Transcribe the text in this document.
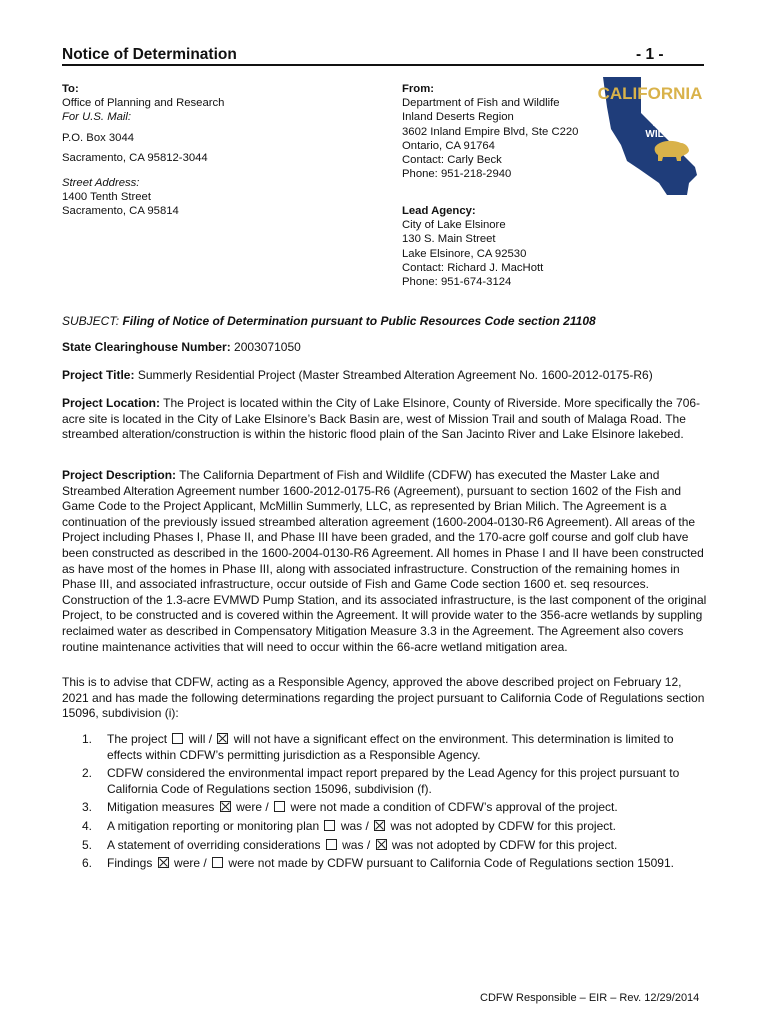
Notice of Determination	- 1 -
To:
Office of Planning and Research
For U.S. Mail:
P.O. Box 3044
Sacramento, CA 95812-3044
Street Address:
1400 Tenth Street
Sacramento, CA 95814
From:
Department of Fish and Wildlife
Inland Deserts Region
3602 Inland Empire Blvd, Ste C220
Ontario, CA 91764
Contact: Carly Beck
Phone: 951-218-2940
CALIFORNIA
DEPARTMENT OF
FISH &
WILDLIFE
Lead Agency:
City of Lake Elsinore
130 S. Main Street
Lake Elsinore, CA 92530
Contact: Richard J. MacHott
Phone: 951-674-3124
SUBJECT: Filing of Notice of Determination pursuant to Public Resources Code section 21108
State Clearinghouse Number: 2003071050
Project Title: Summerly Residential Project (Master Streambed Alteration Agreement No. 1600-2012-0175-R6)
Project Location: The Project is located within the City of Lake Elsinore, County of Riverside. More specifically the 706-acre site is located in the City of Lake Elsinore’s Back Basin are, west of Mission Trail and south of Malaga Road. The streambed alteration/construction is within the historic flood plain of the San Jacinto River and Lake Elsinore lakebed.
Project Description: The California Department of Fish and Wildlife (CDFW) has executed the Master Lake and Streambed Alteration Agreement number 1600-2012-0175-R6 (Agreement), pursuant to section 1602 of the Fish and Game Code to the Project Applicant, McMillin Summerly, LLC, as represented by Brian Milich. The Agreement is a continuation of the previously issued streambed alteration agreement (1600-2004-0130-R6 Agreement). All areas of the Project including Phases I, Phase II, and Phase III have been graded, and the 170-acre golf course and golf club have been constructed as described in the 1600-2004-0130-R6 Agreement. All homes in Phase I and II have been constructed as have most of the homes in Phase III, along with associated infrastructure. Construction of the remaining homes in Phase III, and associated infrastructure, occur outside of Fish and Game Code section 1600 et. seq resources. Construction of the 1.3-acre EVMWD Pump Station, and its associated infrastructure, is the last component of the original Project, to be constructed and is covered within the Agreement. It will provide water to the 356-acre wetlands by suppling reclaimed water as described in Compensatory Mitigation Measure 3.3 in the Agreement. The Agreement also covers routine maintenance activities that will need to occur within the 66-acre wetland mitigation area.
This is to advise that CDFW, acting as a Responsible Agency, approved the above described project on February 12, 2021 and has made the following determinations regarding the project pursuant to California Code of Regulations section 15096, subdivision (i):
1. The project will / will not have a significant effect on the environment. This determination is limited to effects within CDFW’s permitting jurisdiction as a Responsible Agency.
2. CDFW considered the environmental impact report prepared by the Lead Agency for this project pursuant to California Code of Regulations section 15096, subdivision (f).
3. Mitigation measures were / were not made a condition of CDFW’s approval of the project.
4. A mitigation reporting or monitoring plan was / was not adopted by CDFW for this project.
5. A statement of overriding considerations was / was not adopted by CDFW for this project.
6. Findings were / were not made by CDFW pursuant to California Code of Regulations section 15091.
CDFW Responsible – EIR – Rev. 12/29/2014
